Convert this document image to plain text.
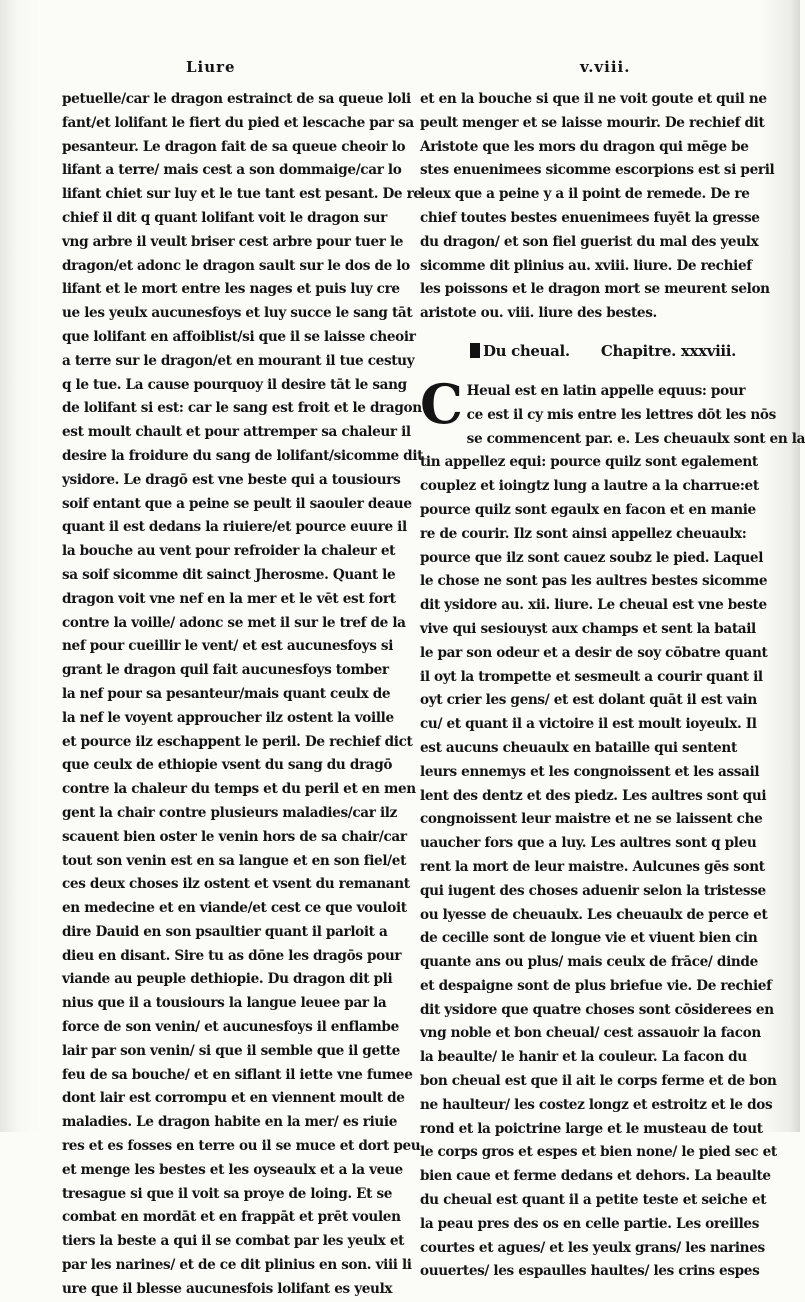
Liure	v.viii.
petuelle/car le dragon estrainct de sa queue loli
fant/et lolifant le fiert du pied et lescache par sa
pesanteur. Le dragon fait de sa queue cheoir lo
lifant a terre/ mais cest a son dommaige/car lo
lifant chiet sur luy et le tue tant est pesant. De re
chief il dit q quant lolifant voit le dragon sur
vng arbre il veult briser cest arbre pour tuer le
dragon/et adonc le dragon sault sur le dos de lo
lifant et le mort entre les nages et puis luy cre
ue les yeulx aucunesfoys et luy succe le sang tāt
que lolifant en affoiblist/si que il se laisse cheoir
a terre sur le dragon/et en mourant il tue cestuy
q le tue. La cause pourquoy il desire tāt le sang
de lolifant si est: car le sang est froit et le dragon
est moult chault et pour attremper sa chaleur il
desire la froidure du sang de lolifant/sicomme dit
ysidore. Le dragō est vne beste qui a tousiours
soif entant que a peine se peult il saouler deaue
quant il est dedans la riuiere/et pource euure il
la bouche au vent pour refroider la chaleur et
sa soif sicomme dit sainct Jherosme. Quant le
dragon voit vne nef en la mer et le vēt est fort
contre la voille/ adonc se met il sur le tref de la
nef pour cueillir le vent/ et est aucunesfoys si
grant le dragon quil fait aucunesfoys tomber
la nef pour sa pesanteur/mais quant ceulx de
la nef le voyent approucher ilz ostent la voille
et pource ilz eschappent le peril. De rechief dict
que ceulx de ethiopie vsent du sang du dragō
contre la chaleur du temps et du peril et en men
gent la chair contre plusieurs maladies/car ilz
scauent bien oster le venin hors de sa chair/car
tout son venin est en sa langue et en son fiel/et
ces deux choses ilz ostent et vsent du remanant
en medecine et en viande/et cest ce que vouloit
dire Dauid en son psaultier quant il parloit a
dieu en disant. Sire tu as dōne les dragōs pour
viande au peuple dethiopie. Du dragon dit pli
nius que il a tousiours la langue leuee par la
force de son venin/ et aucunesfoys il enflambe
lair par son venin/ si que il semble que il gette
feu de sa bouche/ et en siflant il iette vne fumee
dont lair est corrompu et en viennent moult de
maladies. Le dragon habite en la mer/ es riuie
res et es fosses en terre ou il se muce et dort peu
et menge les bestes et les oyseaulx et a la veue
tresague si que il voit sa proye de loing. Et se
combat en mordāt et en frappāt et prēt voulen
tiers la beste a qui il se combat par les yeulx et
par les narines/ et de ce dit plinius en son. viii li
ure que il blesse aucunesfois lolifant es yeulx
et en la bouche si que il ne voit goute et quil ne
peult menger et se laisse mourir. De rechief dit
Aristote que les mors du dragon qui mēge be
stes enuenimees sicomme escorpions est si peril
leux que a peine y a il point de remede. De re
chief toutes bestes enuenimees fuyēt la gresse
du dragon/ et son fiel guerist du mal des yeulx
sicomme dit plinius au. xviii. liure. De rechief
les poissons et le dragon mort se meurent selon
aristote ou. viii. liure des bestes.
Du cheual. Chapitre. xxxviii.
C Heual est en latin appelle equus: pour
ce est il cy mis entre les lettres dōt les nōs
se commencent par. e. Les cheuaulx sont en la
tin appellez equi: pource quilz sont egalement
couplez et ioingtz lung a lautre a la charrue:et
pource quilz sont egaulx en facon et en manie
re de courir. Ilz sont ainsi appellez cheuaulx:
pource que ilz sont cauez soubz le pied. Laquel
le chose ne sont pas les aultres bestes sicomme
dit ysidore au. xii. liure. Le cheual est vne beste
vive qui sesiouyst aux champs et sent la batail
le par son odeur et a desir de soy cōbatre quant
il oyt la trompette et sesmeult a courir quant il
oyt crier les gens/ et est dolant quāt il est vain
cu/ et quant il a victoire il est moult ioyeulx. Il
est aucuns cheuaulx en bataille qui sentent
leurs ennemys et les congnoissent et les assail
lent des dentz et des piedz. Les aultres sont qui
congnoissent leur maistre et ne se laissent che
uaucher fors que a luy. Les aultres sont q pleu
rent la mort de leur maistre. Aulcunes gēs sont
qui iugent des choses aduenir selon la tristesse
ou lyesse de cheuaulx. Les cheuaulx de perce et
de cecille sont de longue vie et viuent bien cin
quante ans ou plus/ mais ceulx de frāce/ dinde
et despaigne sont de plus briefue vie. De rechief
dit ysidore que quatre choses sont cōsiderees en
vng noble et bon cheual/ cest assauoir la facon
la beaulte/ le hanir et la couleur. La facon du
bon cheual est que il ait le corps ferme et de bon
ne haulteur/ les costez longz et estroitz et le dos
rond et la poictrine large et le musteau de tout
le corps gros et espes et bien none/ le pied sec et
bien caue et ferme dedans et dehors. La beaulte
du cheual est quant il a petite teste et seiche et
la peau pres des os en celle partie. Les oreilles
courtes et agues/ et les yeulx grans/ les narines
ouuertes/ les espaulles haultes/ les crins espes
